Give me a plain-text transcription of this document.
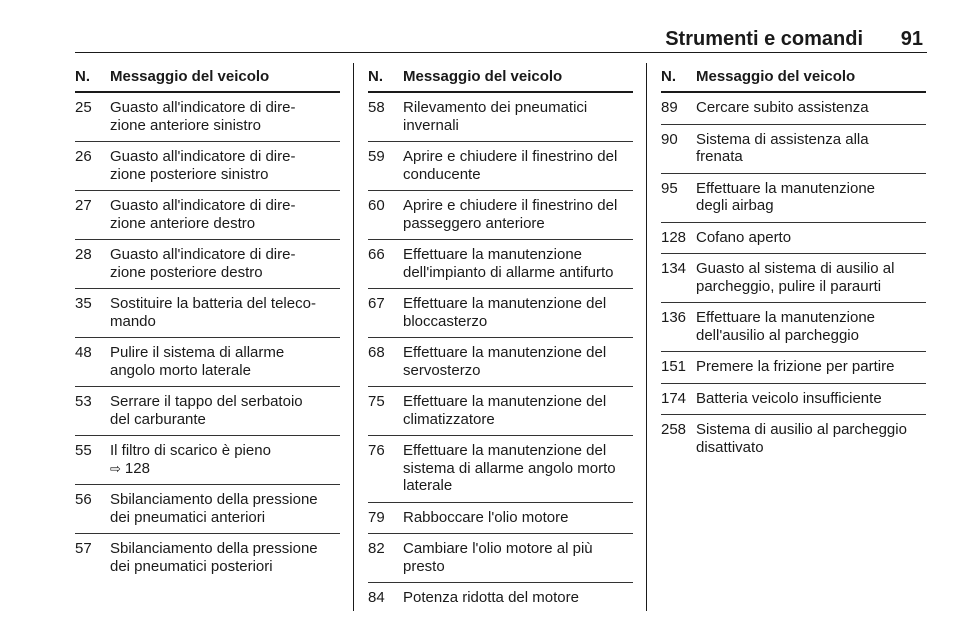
Strumenti e comandi 91
N.	Messaggio del veicolo
25	Guasto all'indicatore di dire-
zione anteriore sinistro
26	Guasto all'indicatore di dire-
zione posteriore sinistro
27	Guasto all'indicatore di dire-
zione anteriore destro
28	Guasto all'indicatore di dire-
zione posteriore destro
35	Sostituire la batteria del teleco-
mando
48	Pulire il sistema di allarme
angolo morto laterale
53	Serrare il tappo del serbatoio
del carburante
55	Il filtro di scarico è pieno
⇨ 128
56	Sbilanciamento della pressione
dei pneumatici anteriori
57	Sbilanciamento della pressione
dei pneumatici posteriori
N.	Messaggio del veicolo
58	Rilevamento dei pneumatici
invernali
59	Aprire e chiudere il finestrino del
conducente
60	Aprire e chiudere il finestrino del
passeggero anteriore
66	Effettuare la manutenzione
dell'impianto di allarme antifurto
67	Effettuare la manutenzione del
bloccasterzo
68	Effettuare la manutenzione del
servosterzo
75	Effettuare la manutenzione del
climatizzatore
76	Effettuare la manutenzione del
sistema di allarme angolo morto
laterale
79	Rabboccare l'olio motore
82	Cambiare l'olio motore al più
presto
84	Potenza ridotta del motore
N.	Messaggio del veicolo
89	Cercare subito assistenza
90	Sistema di assistenza alla
frenata
95	Effettuare la manutenzione
degli airbag
128 Cofano aperto
134 Guasto al sistema di ausilio al
parcheggio, pulire il paraurti
136 Effettuare la manutenzione
dell'ausilio al parcheggio
151 Premere la frizione per partire
174 Batteria veicolo insufficiente
258 Sistema di ausilio al parcheggio
disattivato
